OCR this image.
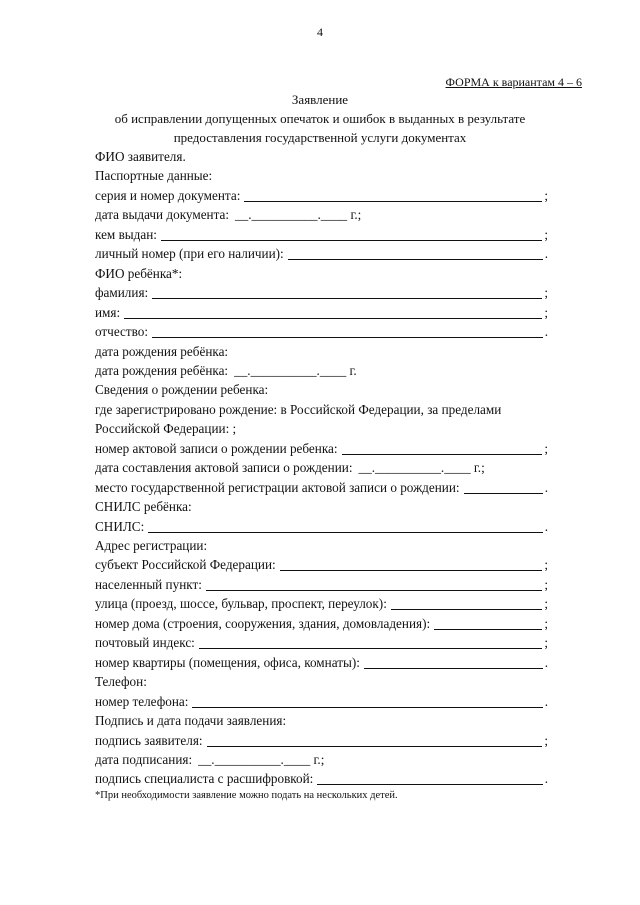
4
ФОРМА к вариантам 4 – 6
Заявление
об исправлении допущенных опечаток и ошибок в выданных в результате
предоставления государственной услуги документах
ФИО заявителя.
Паспортные данные:
серия и номер документа:	;
дата выдачи документа: __.__________.____ г.;
кем выдан:	;
личный номер (при его наличии):	.
ФИО ребёнка*:
фамилия:	;
имя:	;
отчество:	.
дата рождения ребёнка:
дата рождения ребёнка: __.__________.____ г.
Сведения о рождении ребенка:
где зарегистрировано рождение: в Российской Федерации, за пределами
Российской Федерации: ;
номер актовой записи о рождении ребенка:	;
дата составления актовой записи о рождении: __.__________.____ г.;
место государственной регистрации актовой записи о рождении:	.
СНИЛС ребёнка:
СНИЛС:	.
Адрес регистрации:
субъект Российской Федерации:	;
населенный пункт:	;
улица (проезд, шоссе, бульвар, проспект, переулок):	;
номер дома (строения, сооружения, здания, домовладения):	;
почтовый индекс:	;
номер квартиры (помещения, офиса, комнаты):	.
Телефон:
номер телефона:	.
Подпись и дата подачи заявления:
подпись заявителя:	;
дата подписания: __.__________.____ г.;
подпись специалиста с расшифровкой:	.
*При необходимости заявление можно подать на нескольких детей.
